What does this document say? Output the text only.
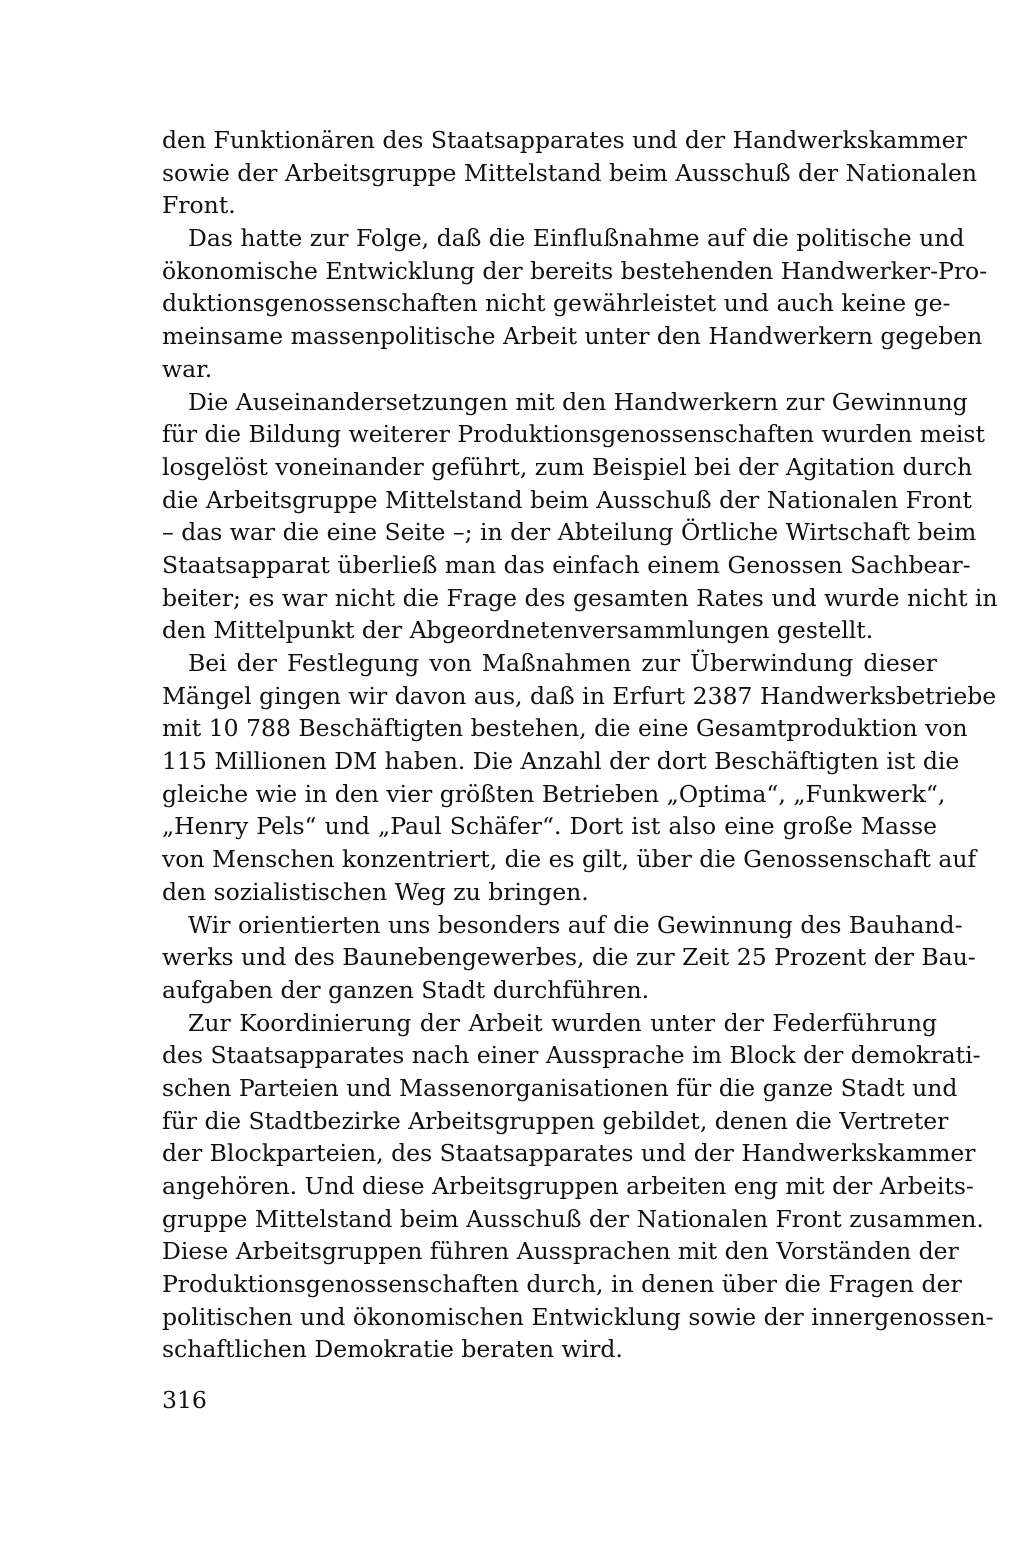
den Funktionären des Staatsapparates und der Handwerkskammer
sowie der Arbeitsgruppe Mittelstand beim Ausschuß der Nationalen
Front.
Das hatte zur Folge, daß die Einflußnahme auf die politische und
ökonomische Entwicklung der bereits bestehenden Handwerker-Pro-
duktionsgenossenschaften nicht gewährleistet und auch keine ge-
meinsame massenpolitische Arbeit unter den Handwerkern gegeben
war.
Die Auseinandersetzungen mit den Handwerkern zur Gewinnung
für die Bildung weiterer Produktionsgenossenschaften wurden meist
losgelöst voneinander geführt, zum Beispiel bei der Agitation durch
die Arbeitsgruppe Mittelstand beim Ausschuß der Nationalen Front
– das war die eine Seite –; in der Abteilung Örtliche Wirtschaft beim
Staatsapparat überließ man das einfach einem Genossen Sachbear-
beiter; es war nicht die Frage des gesamten Rates und wurde nicht in
den Mittelpunkt der Abgeordnetenversammlungen gestellt.
Bei der Festlegung von Maßnahmen zur Überwindung dieser
Mängel gingen wir davon aus, daß in Erfurt 2387 Handwerksbetriebe
mit 10 788 Beschäftigten bestehen, die eine Gesamtproduktion von
115 Millionen DM haben. Die Anzahl der dort Beschäftigten ist die
gleiche wie in den vier größten Betrieben „Optima“, „Funkwerk“,
„Henry Pels“ und „Paul Schäfer“. Dort ist also eine große Masse
von Menschen konzentriert, die es gilt, über die Genossenschaft auf
den sozialistischen Weg zu bringen.
Wir orientierten uns besonders auf die Gewinnung des Bauhand-
werks und des Baunebengewerbes, die zur Zeit 25 Prozent der Bau-
aufgaben der ganzen Stadt durchführen.
Zur Koordinierung der Arbeit wurden unter der Federführung
des Staatsapparates nach einer Aussprache im Block der demokrati-
schen Parteien und Massenorganisationen für die ganze Stadt und
für die Stadtbezirke Arbeitsgruppen gebildet, denen die Vertreter
der Blockparteien, des Staatsapparates und der Handwerkskammer
angehören. Und diese Arbeitsgruppen arbeiten eng mit der Arbeits-
gruppe Mittelstand beim Ausschuß der Nationalen Front zusammen.
Diese Arbeitsgruppen führen Aussprachen mit den Vorständen der
Produktionsgenossenschaften durch, in denen über die Fragen der
politischen und ökonomischen Entwicklung sowie der innergenossen-
schaftlichen Demokratie beraten wird.
316
